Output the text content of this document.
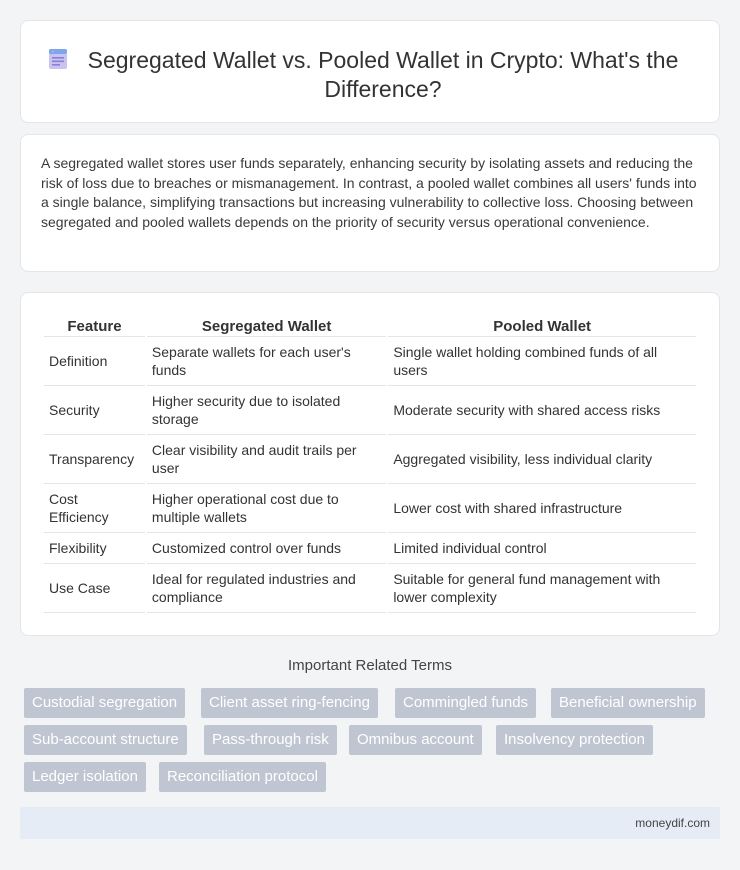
Segregated Wallet vs. Pooled Wallet in Crypto: What's the Difference?

A segregated wallet stores user funds separately, enhancing security by isolating assets and reducing the risk of loss due to breaches or mismanagement. In contrast, a pooled wallet combines all users' funds into a single balance, simplifying transactions but increasing vulnerability to collective loss. Choosing between segregated and pooled wallets depends on the priority of security versus operational convenience.

Feature	Segregated Wallet	Pooled Wallet
Definition	Separate wallets for each user's funds	Single wallet holding combined funds of all users
Security	Higher security due to isolated storage	Moderate security with shared access risks
Transparency	Clear visibility and audit trails per user	Aggregated visibility, less individual clarity
Cost Efficiency	Higher operational cost due to multiple wallets	Lower cost with shared infrastructure
Flexibility	Customized control over funds	Limited individual control
Use Case	Ideal for regulated industries and compliance	Suitable for general fund management with lower complexity
Important Related Terms
Custodial segregation	Client asset ring-fencing	Commingled funds	Beneficial ownership
Sub-account structure	Pass-through risk	Omnibus account	Insolvency protection
Ledger isolation	Reconciliation protocol
moneydif.com
